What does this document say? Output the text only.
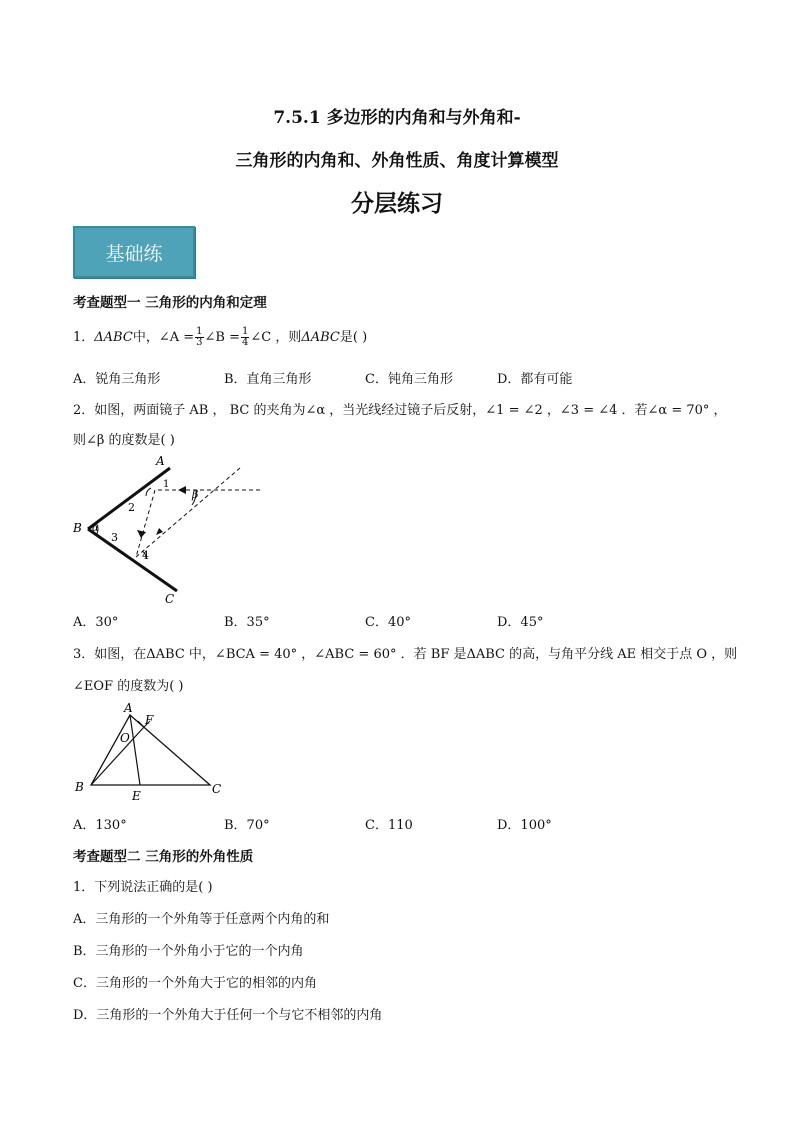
7.5.1 多边形的内角和与外角和-
三角形的内角和、外角性质、角度计算模型
分层练习
基础练
考查题型一 三角形的内角和定理
1．ΔABC中，∠A = $\frac{1}{3}$ ∠B = $\frac{1}{4}$ ∠C ，则ΔABC是( )
A．锐角三角形	B．直角三角形	C．钝角三角形	D．都有可能
2．如图，两面镜子 AB ， BC 的夹角为∠α ，当光线经过镜子后反射，∠1 = ∠2 ，∠3 = ∠4 ．若∠α = 70° ，
则∠β 的度数是( )
A
B
C
1
2
3
4
α
β
A．30°	B．35°	C．40°	D．45°
3．如图，在ΔABC 中，∠BCA = 40° ，∠ABC = 60° ．若 BF 是ΔABC 的高，与角平分线 AE 相交于点 O ，则
∠EOF 的度数为( )
A
F
O
B
E	C
A．130°	B．70°	C．110	D．100°
考查题型二 三角形的外角性质
1．下列说法正确的是( )
A．三角形的一个外角等于任意两个内角的和
B．三角形的一个外角小于它的一个内角
C．三角形的一个外角大于它的相邻的内角
D．三角形的一个外角大于任何一个与它不相邻的内角
